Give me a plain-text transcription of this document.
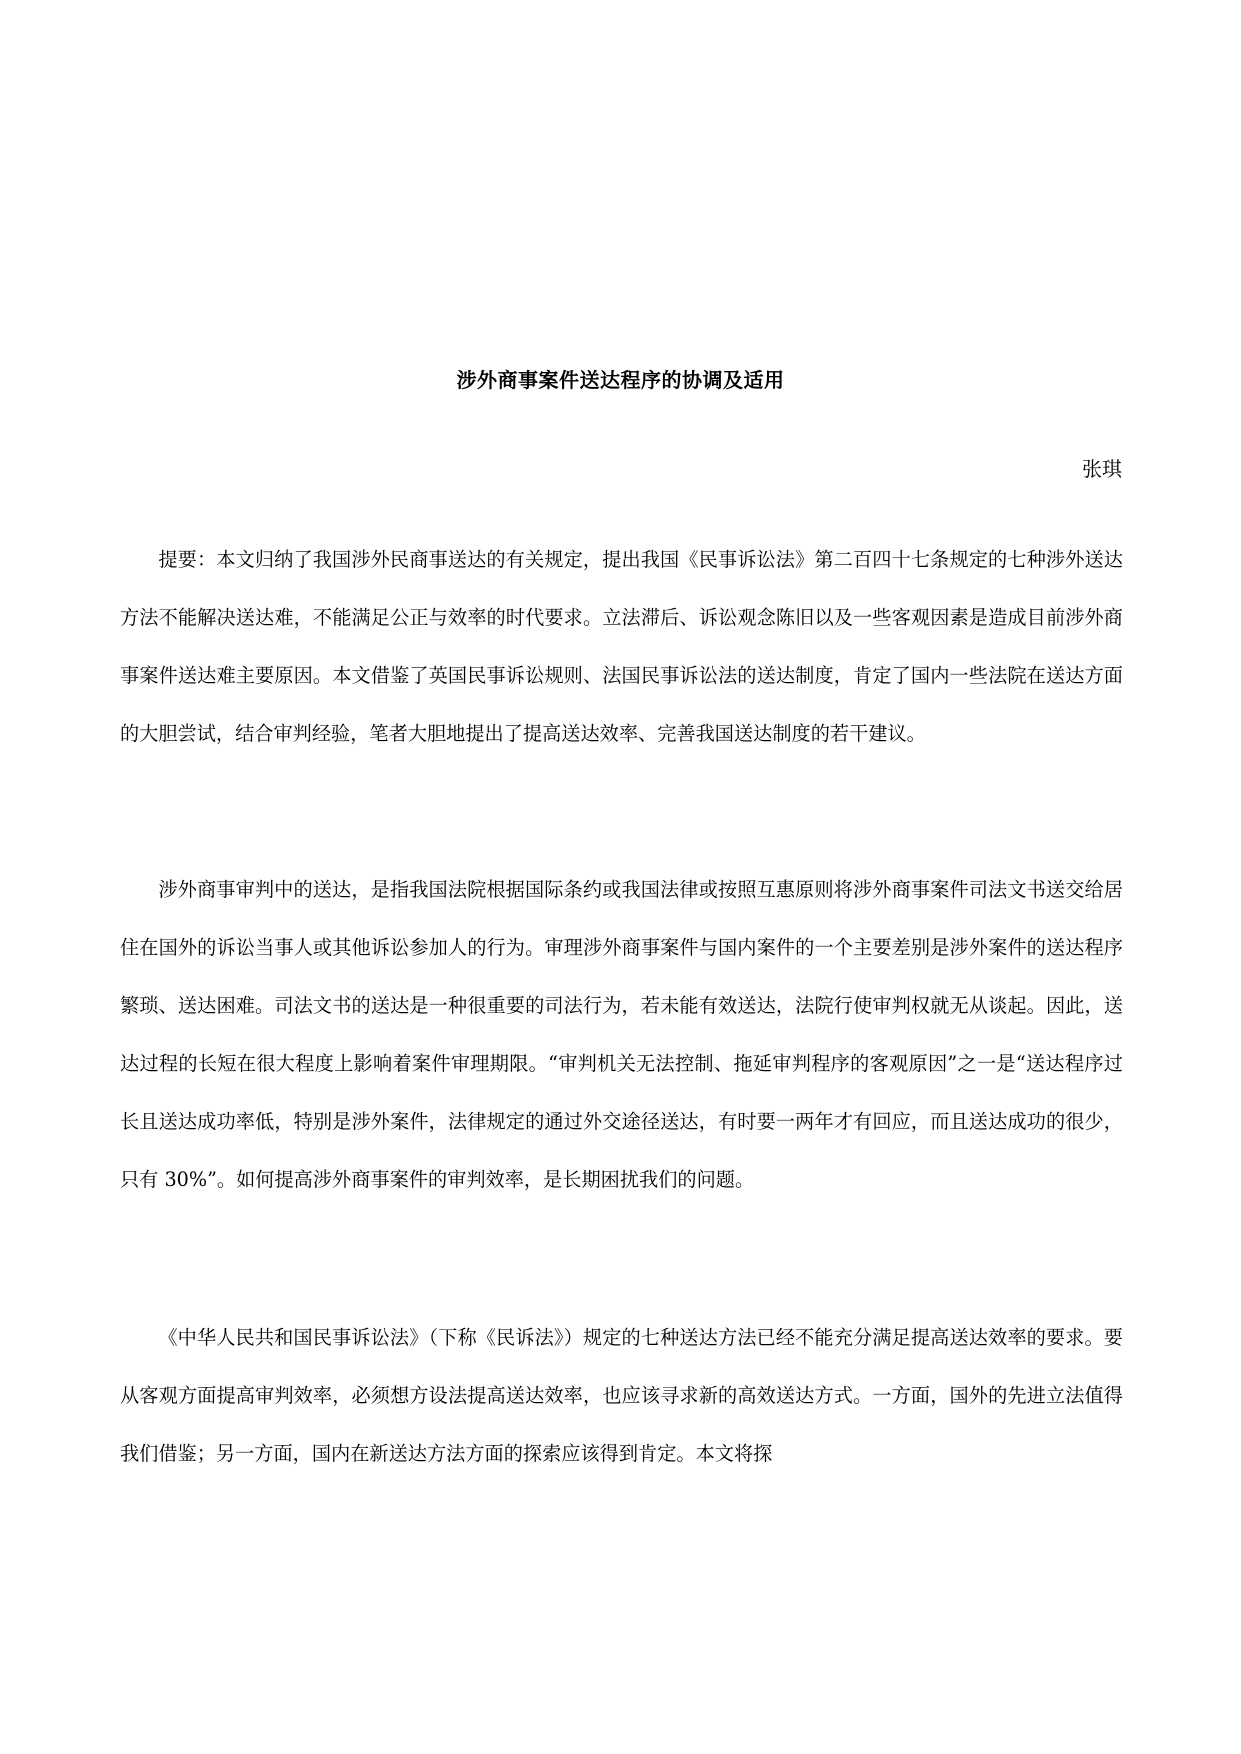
涉外商事案件送达程序的协调及适用
张琪

提要：本文归纳了我国涉外民商事送达的有关规定，提出我国《民事诉讼法》第二百四十七条规定的七种涉外送达方法不能解决送达难，不能满足公正与效率的时代要求。立法滞后、诉讼观念陈旧以及一些客观因素是造成目前涉外商事案件送达难主要原因。本文借鉴了英国民事诉讼规则、法国民事诉讼法的送达制度，肯定了国内一些法院在送达方面的大胆尝试，结合审判经验，笔者大胆地提出了提高送达效率、完善我国送达制度的若干建议。

涉外商事审判中的送达，是指我国法院根据国际条约或我国法律或按照互惠原则将涉外商事案件司法文书送交给居住在国外的诉讼当事人或其他诉讼参加人的行为。审理涉外商事案件与国内案件的一个主要差别是涉外案件的送达程序繁琐、送达困难。司法文书的送达是一种很重要的司法行为，若未能有效送达，法院行使审判权就无从谈起。因此，送达过程的长短在很大程度上影响着案件审理期限。“审判机关无法控制、拖延审判程序的客观原因”之一是“送达程序过长且送达成功率低，特别是涉外案件，法律规定的通过外交途径送达，有时要一两年才有回应，而且送达成功的很少，只有 30%”。如何提高涉外商事案件的审判效率，是长期困扰我们的问题。

《中华人民共和国民事诉讼法》（下称《民诉法》）规定的七种送达方法已经不能充分满足提高送达效率的要求。要从客观方面提高审判效率，必须想方设法提高送达效率，也应该寻求新的高效送达方式。一方面，国外的先进立法值得我们借鉴；另一方面，国内在新送达方法方面的探索应该得到肯定。本文将探
